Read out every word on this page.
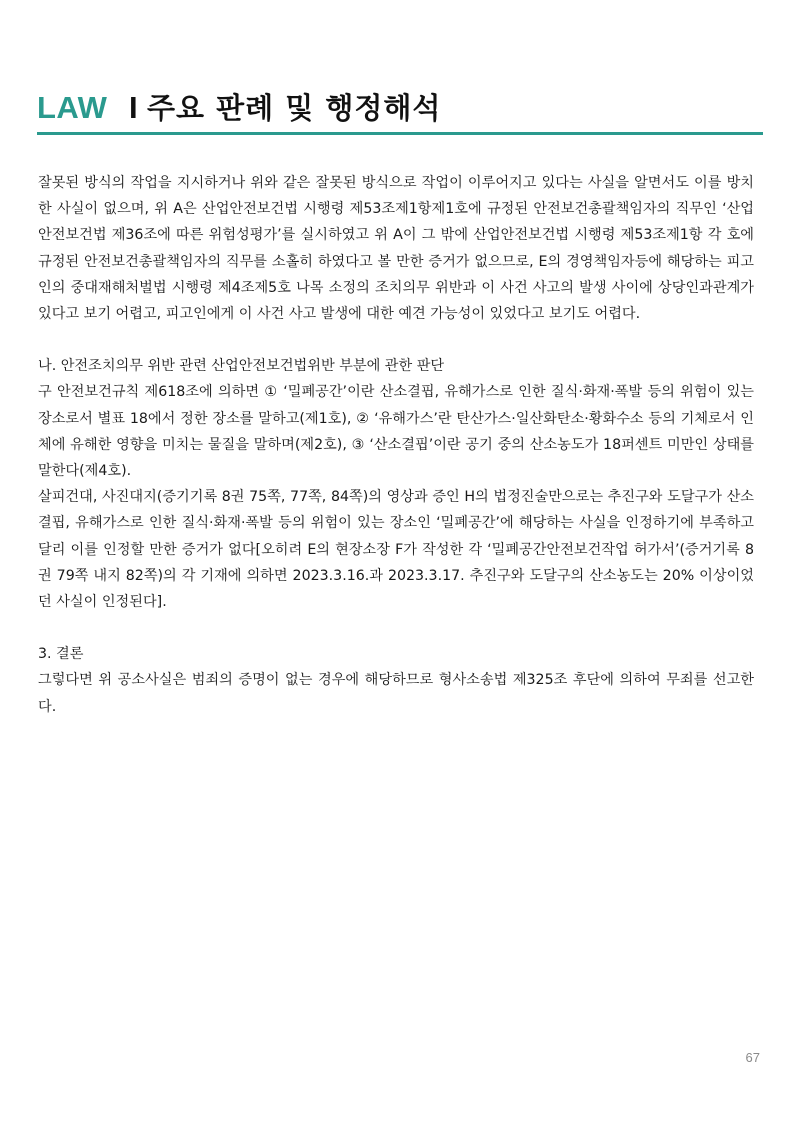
LAW I 주요 판례 및 행정해석

잘못된 방식의 작업을 지시하거나 위와 같은 잘못된 방식으로 작업이 이루어지고 있다는 사실을 알면서도 이를 방치한 사실이 없으며, 위 A은 산업안전보건법 시행령 제53조제1항제1호에 규정된 안전보건총괄책임자의 직무인 ‘산업안전보건법 제36조에 따른 위험성평가’를 실시하였고 위 A이 그 밖에 산업안전보건법 시행령 제53조제1항 각 호에 규정된 안전보건총괄책임자의 직무를 소홀히 하였다고 볼 만한 증거가 없으므로, E의 경영책임자등에 해당하는 피고인의 중대재해처벌법 시행령 제4조제5호 나목 소정의 조치의무 위반과 이 사건 사고의 발생 사이에 상당인과관계가 있다고 보기 어렵고, 피고인에게 이 사건 사고 발생에 대한 예견 가능성이 있었다고 보기도 어렵다.

나. 안전조치의무 위반 관련 산업안전보건법위반 부분에 관한 판단

구 안전보건규칙 제618조에 의하면 ① ‘밀폐공간’이란 산소결핍, 유해가스로 인한 질식·화재·폭발 등의 위험이 있는 장소로서 별표 18에서 정한 장소를 말하고(제1호), ② ‘유해가스’란 탄산가스·일산화탄소·황화수소 등의 기체로서 인체에 유해한 영향을 미치는 물질을 말하며(제2호), ③ ‘산소결핍’이란 공기 중의 산소농도가 18퍼센트 미만인 상태를 말한다(제4호).

살피건대, 사진대지(증기기록 8권 75쪽, 77쪽, 84쪽)의 영상과 증인 H의 법정진술만으로는 추진구와 도달구가 산소결핍, 유해가스로 인한 질식·화재·폭발 등의 위험이 있는 장소인 ‘밀폐공간’에 해당하는 사실을 인정하기에 부족하고 달리 이를 인정할 만한 증거가 없다[오히려 E의 현장소장 F가 작성한 각 ‘밀폐공간안전보건작업 허가서’(증거기록 8권 79쪽 내지 82쪽)의 각 기재에 의하면 2023.3.16.과 2023.3.17. 추진구와 도달구의 산소농도는 20% 이상이었던 사실이 인정된다].

3. 결론

그렇다면 위 공소사실은 범죄의 증명이 없는 경우에 해당하므로 형사소송법 제325조 후단에 의하여 무죄를 선고한다.

67
